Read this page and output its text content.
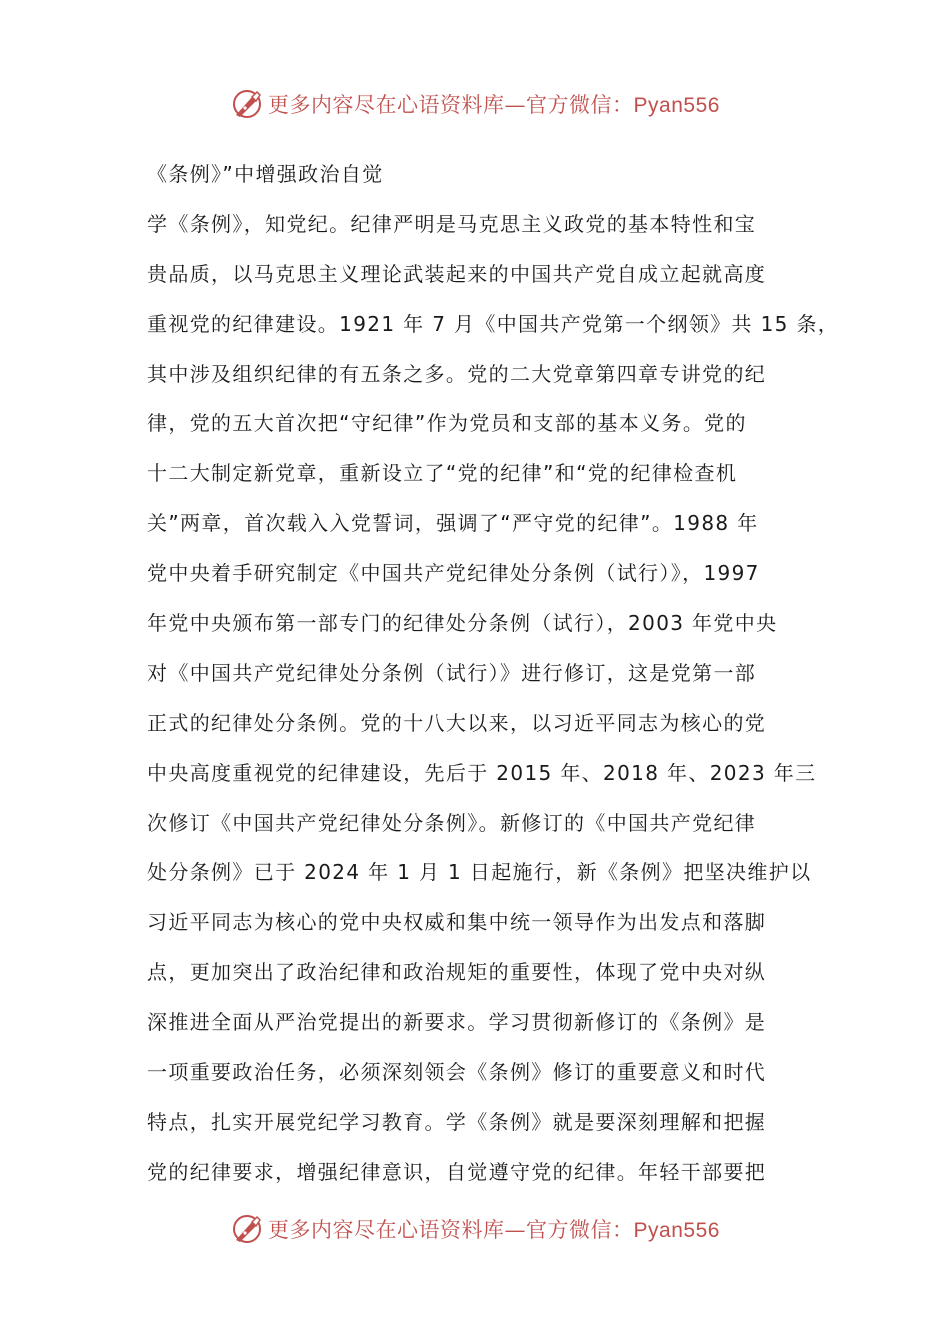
更多内容尽在心语资料库—官方微信：Pyan556
《条例》”中增强政治自觉
学《条例》，知党纪。纪律严明是马克思主义政党的基本特性和宝
贵品质，以马克思主义理论武装起来的中国共产党自成立起就高度
重视党的纪律建设。1921 年 7 月《中国共产党第一个纲领》共 15 条，
其中涉及组织纪律的有五条之多。党的二大党章第四章专讲党的纪
律，党的五大首次把“守纪律”作为党员和支部的基本义务。党的
十二大制定新党章，重新设立了“党的纪律”和“党的纪律检查机
关”两章，首次载入入党誓词，强调了“严守党的纪律”。1988 年
党中央着手研究制定《中国共产党纪律处分条例（试行）》，1997
年党中央颁布第一部专门的纪律处分条例（试行），2003 年党中央
对《中国共产党纪律处分条例（试行）》进行修订，这是党第一部
正式的纪律处分条例。党的十八大以来，以习近平同志为核心的党
中央高度重视党的纪律建设，先后于 2015 年、2018 年、2023 年三
次修订《中国共产党纪律处分条例》。新修订的《中国共产党纪律
处分条例》已于 2024 年 1 月 1 日起施行，新《条例》把坚决维护以
习近平同志为核心的党中央权威和集中统一领导作为出发点和落脚
点，更加突出了政治纪律和政治规矩的重要性，体现了党中央对纵
深推进全面从严治党提出的新要求。学习贯彻新修订的《条例》是
一项重要政治任务，必须深刻领会《条例》修订的重要意义和时代
特点，扎实开展党纪学习教育。学《条例》就是要深刻理解和把握
党的纪律要求，增强纪律意识，自觉遵守党的纪律。年轻干部要把
更多内容尽在心语资料库—官方微信：Pyan556
